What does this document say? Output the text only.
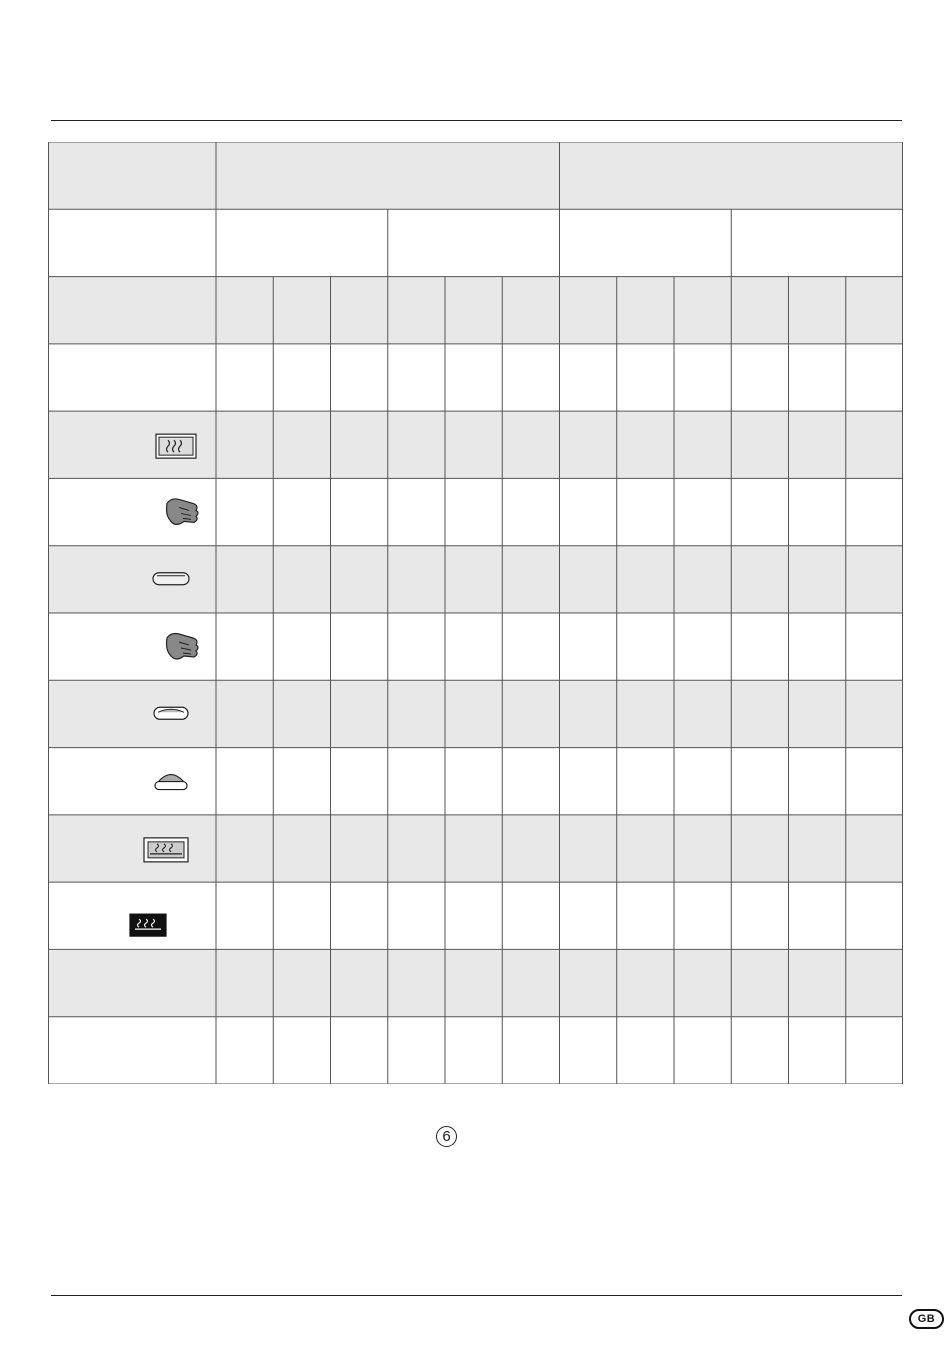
6
GB
